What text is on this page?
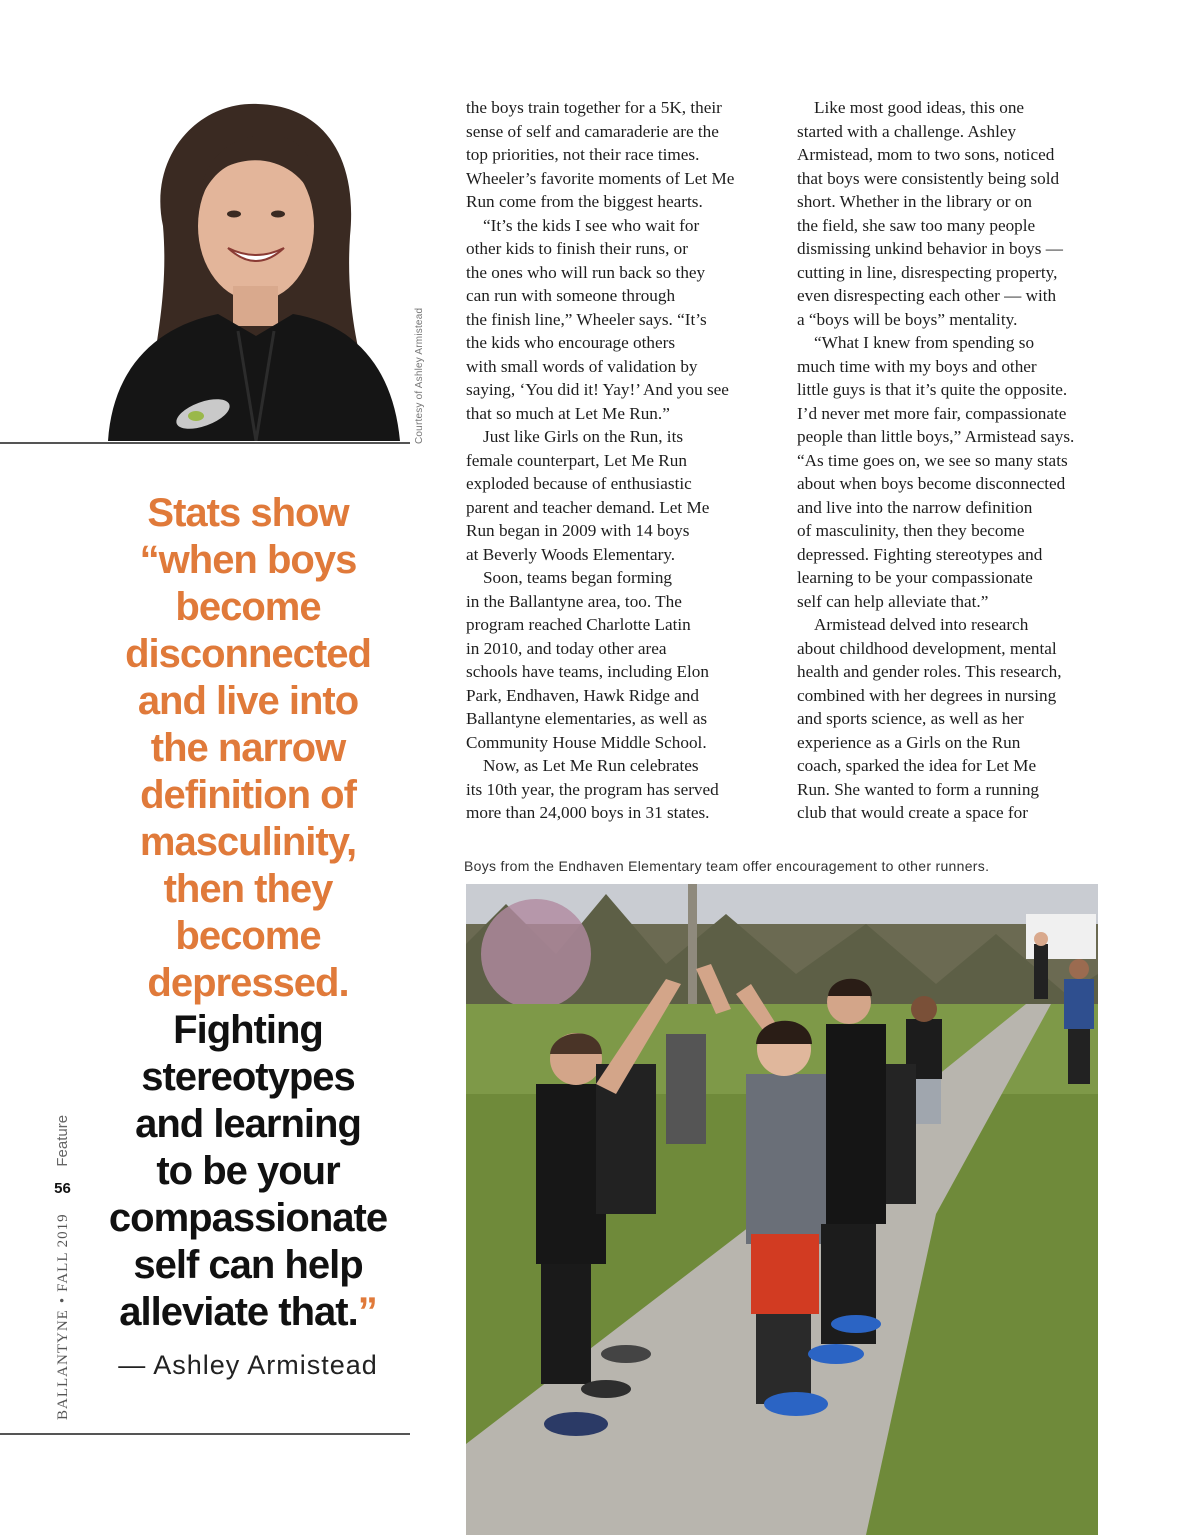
Courtesy of Ashley Armistead
Stats show
“when boys
become
disconnected
and live into
the narrow
definition of
masculinity,
then they
become
depressed.
Fighting
stereotypes
and learning
to be your
compassionate
self can help
alleviate that.”
— Ashley Armistead
BALLANTYNE•FALL 201956Feature
the boys train together for a 5K, their
sense of self and camaraderie are the
top priorities, not their race times.
Wheeler’s favorite moments of Let Me
Run come from the biggest hearts.
“It’s the kids I see who wait for
other kids to finish their runs, or
the ones who will run back so they
can run with someone through
the finish line,” Wheeler says. “It’s
the kids who encourage others
with small words of validation by
saying, ‘You did it! Yay!’ And you see
that so much at Let Me Run.”
Just like Girls on the Run, its
female counterpart, Let Me Run
exploded because of enthusiastic
parent and teacher demand. Let Me
Run began in 2009 with 14 boys
at Beverly Woods Elementary.
Soon, teams began forming
in the Ballantyne area, too. The
program reached Charlotte Latin
in 2010, and today other area
schools have teams, including Elon
Park, Endhaven, Hawk Ridge and
Ballantyne elementaries, as well as
Community House Middle School.
Now, as Let Me Run celebrates
its 10th year, the program has served
more than 24,000 boys in 31 states.
Like most good ideas, this one
started with a challenge. Ashley
Armistead, mom to two sons, noticed
that boys were consistently being sold
short. Whether in the library or on
the field, she saw too many people
dismissing unkind behavior in boys —
cutting in line, disrespecting property,
even disrespecting each other — with
a “boys will be boys” mentality.
“What I knew from spending so
much time with my boys and other
little guys is that it’s quite the opposite.
I’d never met more fair, compassionate
people than little boys,” Armistead says.
“As time goes on, we see so many stats
about when boys become disconnected
and live into the narrow definition
of masculinity, then they become
depressed. Fighting stereotypes and
learning to be your compassionate
self can help alleviate that.”
Armistead delved into research
about childhood development, mental
health and gender roles. This research,
combined with her degrees in nursing
and sports science, as well as her
experience as a Girls on the Run
coach, sparked the idea for Let Me
Run. She wanted to form a running
club that would create a space for
Boys from the Endhaven Elementary team offer encouragement to other runners.
